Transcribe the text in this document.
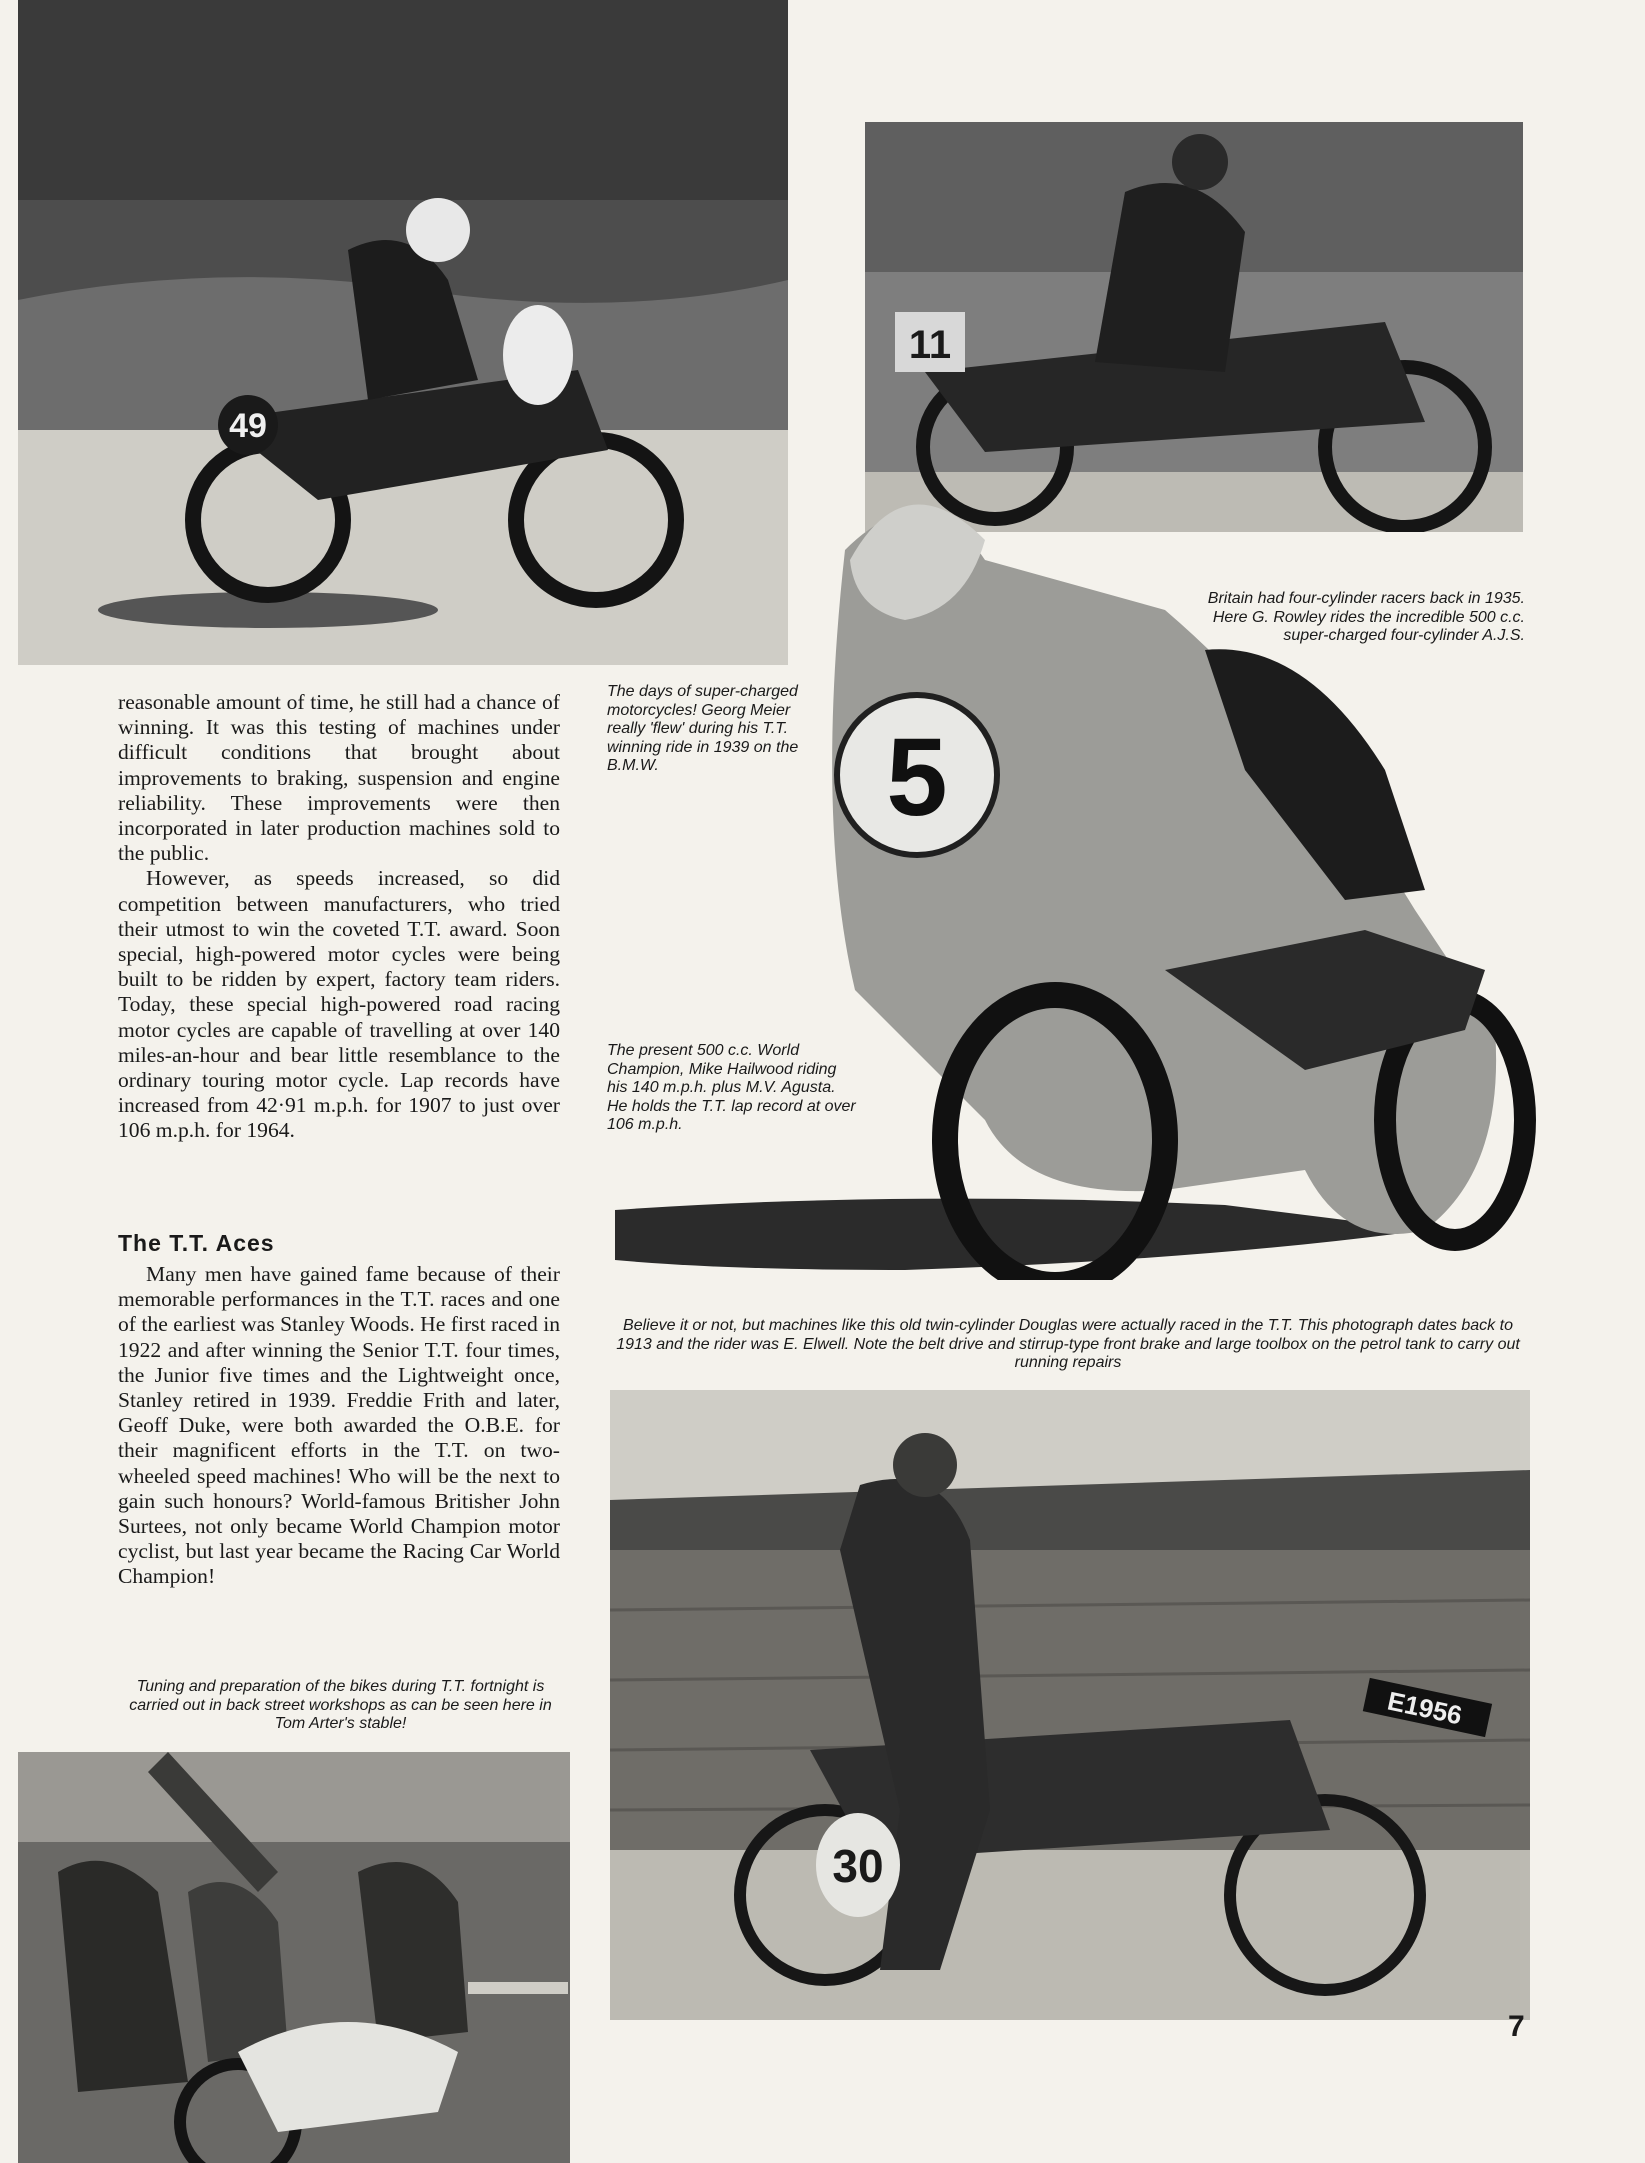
49
11
5
30
E1956

reasonable amount of time, he still had a chance of winning. It was this testing of machines under difficult conditions that brought about improvements to braking, suspension and engine reliability. These improvements were then incorporated in later production machines sold to the public.

However, as speeds increased, so did competition between manufacturers, who tried their utmost to win the coveted T.T. award. Soon special, high-powered motor cycles were being built to be ridden by expert, factory team riders. Today, these special high-powered road racing motor cycles are capable of travelling at over 140 miles-an-hour and bear little resemblance to the ordinary touring motor cycle. Lap records have increased from 42·91 m.p.h. for 1907 to just over 106 m.p.h. for 1964.

The T.T. Aces

Many men have gained fame because of their memorable performances in the T.T. races and one of the earliest was Stanley Woods. He first raced in 1922 and after winning the Senior T.T. four times, the Junior five times and the Lightweight once, Stanley retired in 1939. Freddie Frith and later, Geoff Duke, were both awarded the O.B.E. for their magnificent efforts in the T.T. on two-wheeled speed machines! Who will be the next to gain such honours? World-famous Britisher John Surtees, not only became World Champion motor cyclist, but last year became the Racing Car World Champion!

The days of super-charged motorcycles! Georg Meier really 'flew' during his T.T. winning ride in 1939 on the B.M.W.

Britain had four-cylinder racers back in 1935. Here G. Rowley rides the incredible 500 c.c. super-charged four-cylinder A.J.S.

The present 500 c.c. World Champion, Mike Hailwood riding his 140 m.p.h. plus M.V. Agusta. He holds the T.T. lap record at over 106 m.p.h.

Believe it or not, but machines like this old twin-cylinder Douglas were actually raced in the T.T. This photograph dates back to 1913 and the rider was E. Elwell. Note the belt drive and stirrup-type front brake and large toolbox on the petrol tank to carry out running repairs

Tuning and preparation of the bikes during T.T. fortnight is carried out in back street workshops as can be seen here in Tom Arter's stable!

7
